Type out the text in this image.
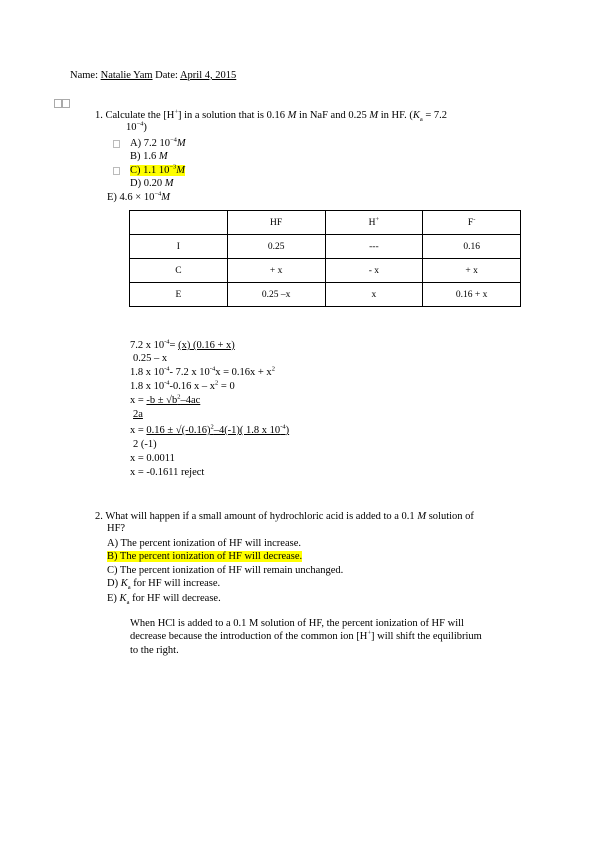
Name: Natalie Yam Date: April 4, 2015
1. Calculate the [H+] in a solution that is 0.16 M in NaF and 0.25 M in HF. ($K_a = 7.2$
$10^{-4}$)
A) 7.2 $10^{-4}M$
B) 1.6 M
C) 1.1 $10^{-3}M$
D) 0.20 M
E) $4.6 \times 10^{-4}M$
	HF	H+	F-
I	0.25	---	0.16
C	+ x	- x	+ x
E	0.25 –x	x	0.16 + x
7.2 x $10^{-4}= (x) (0.16 + x)$
0.25 – x
1.8 x $10^{-4}-$ 7.2 x $10^{-4}x = 0.16x + x^2$
1.8 x $10^{-4}-0.16$ $x - x^2 = 0$
$x = -b \pm √b^2-4ac$
2a
$x = 0.16 \pm √(-0.16)^2-4(-1)$( 1.8 x $10^{-4}$)
2 (-1)
x = 0.0011
x = -0.1611 reject
2. What will happen if a small amount of hydrochloric acid is added to a 0.1 M solution of
HF?
A) The percent ionization of HF will increase.
B) The percent ionization of HF will decrease.
C) The percent ionization of HF will remain unchanged.
D) $K_a$ for HF will increase.
E) $K_a$ for HF will decrease.
When HCl is added to a 0.1 M solution of HF, the percent ionization of HF will
decrease because the introduction of the common ion [H+] will shift the equilibrium
to the right.
